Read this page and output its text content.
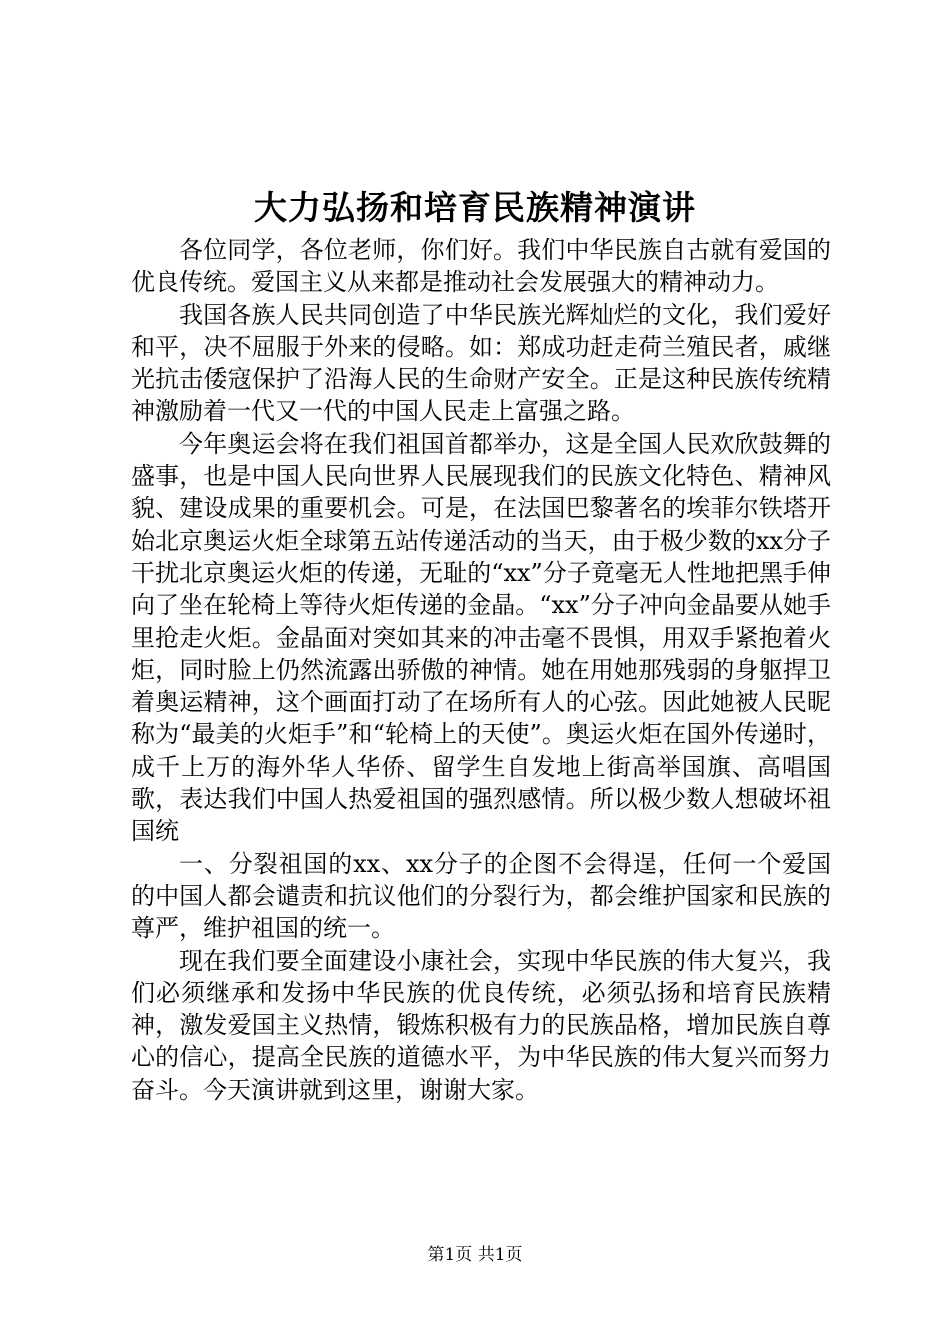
大力弘扬和培育民族精神演讲

各位同学，各位老师，你们好。我们中华民族自古就有爱国的优良传统。爱国主义从来都是推动社会发展强大的精神动力。

我国各族人民共同创造了中华民族光辉灿烂的文化，我们爱好和平，决不屈服于外来的侵略。如：郑成功赶走荷兰殖民者，戚继光抗击倭寇保护了沿海人民的生命财产安全。正是这种民族传统精神激励着一代又一代的中国人民走上富强之路。

今年奥运会将在我们祖国首都举办，这是全国人民欢欣鼓舞的盛事，也是中国人民向世界人民展现我们的民族文化特色、精神风貌、建设成果的重要机会。可是，在法国巴黎著名的埃菲尔铁塔开始北京奥运火炬全球第五站传递活动的当天，由于极少数的xx分子干扰北京奥运火炬的传递，无耻的“xx”分子竟毫无人性地把黑手伸向了坐在轮椅上等待火炬传递的金晶。“xx”分子冲向金晶要从她手里抢走火炬。金晶面对突如其来的冲击毫不畏惧，用双手紧抱着火炬，同时脸上仍然流露出骄傲的神情。她在用她那残弱的身躯捍卫着奥运精神，这个画面打动了在场所有人的心弦。因此她被人民昵称为“最美的火炬手”和“轮椅上的天使”。奥运火炬在国外传递时，成千上万的海外华人华侨、留学生自发地上街高举国旗、高唱国歌，表达我们中国人热爱祖国的强烈感情。所以极少数人想破坏祖国统

一、分裂祖国的xx、xx分子的企图不会得逞，任何一个爱国的中国人都会谴责和抗议他们的分裂行为，都会维护国家和民族的尊严，维护祖国的统一。

现在我们要全面建设小康社会，实现中华民族的伟大复兴，我们必须继承和发扬中华民族的优良传统，必须弘扬和培育民族精神，激发爱国主义热情，锻炼积极有力的民族品格，增加民族自尊心的信心，提高全民族的道德水平，为中华民族的伟大复兴而努力奋斗。今天演讲就到这里，谢谢大家。

第1页 共1页
